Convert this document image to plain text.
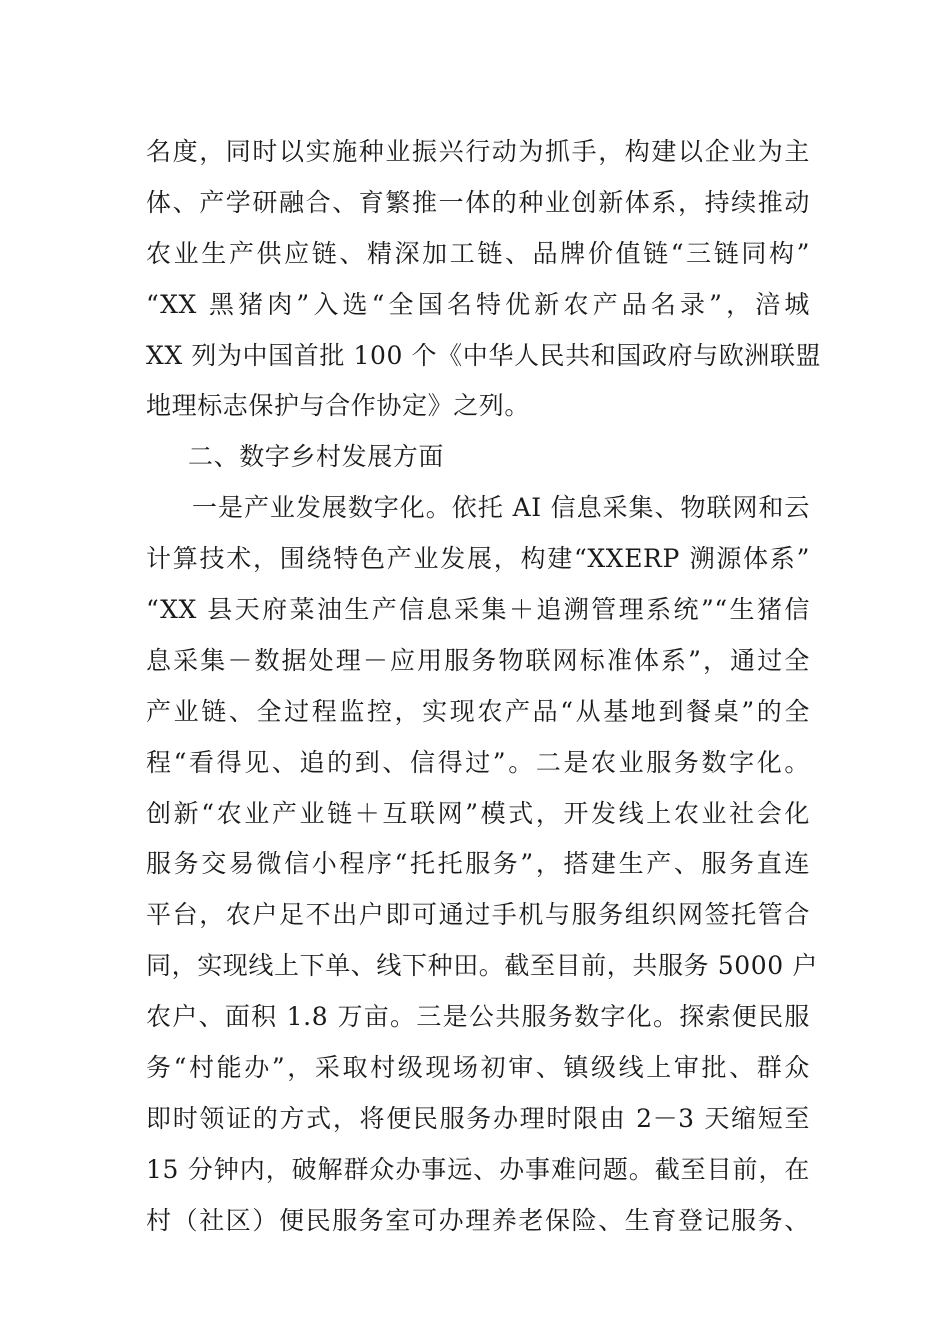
名度，同时以实施种业振兴行动为抓手，构建以企业为主
体、产学研融合、育繁推一体的种业创新体系，持续推动
农业生产供应链、精深加工链、品牌价值链“三链同构”
“XX 黑猪肉”入选“全国名特优新农产品名录”，涪城
XX 列为中国首批 100 个《中华人民共和国政府与欧洲联盟
地理标志保护与合作协定》之列。
二、数字乡村发展方面
一是产业发展数字化。依托 AI 信息采集、物联网和云
计算技术，围绕特色产业发展，构建“XXERP 溯源体系”
“XX 县天府菜油生产信息采集＋追溯管理系统”“生猪信
息采集－数据处理－应用服务物联网标准体系”，通过全
产业链、全过程监控，实现农产品“从基地到餐桌”的全
程“看得见、追的到、信得过”。二是农业服务数字化。
创新“农业产业链＋互联网”模式，开发线上农业社会化
服务交易微信小程序“托托服务”，搭建生产、服务直连
平台，农户足不出户即可通过手机与服务组织网签托管合
同，实现线上下单、线下种田。截至目前，共服务 5000 户
农户、面积 1.8 万亩。三是公共服务数字化。探索便民服
务“村能办”，采取村级现场初审、镇级线上审批、群众
即时领证的方式，将便民服务办理时限由 2－3 天缩短至
15 分钟内，破解群众办事远、办事难问题。截至目前，在
村（社区）便民服务室可办理养老保险、生育登记服务、
